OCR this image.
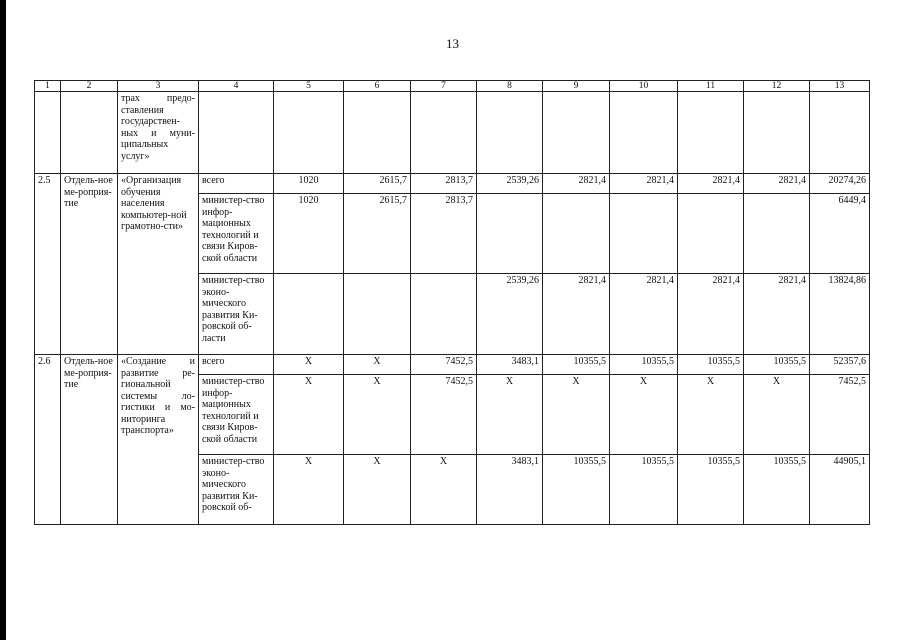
13
1	2	3	4	5	6	7	8	9	10	11	12	13
		трах предо-ставления государствен-ных и муни-ципальных услуг»										
2.5	Отдель-ное ме-роприя-тие	«Организация обучения населения компьютер-ной грамотно-сти»	всего	1020	2615,7	2813,7	2539,26	2821,4	2821,4	2821,4	2821,4	20274,26
			министер-ство инфор-мационных технологий и связи Киров-ской области	1020	2615,7	2813,7						6449,4
			министер-ство эконо-мического развития Ки-ровской об-ласти				2539,26	2821,4	2821,4	2821,4	2821,4	13824,86
2.6	Отдель-ное ме-роприя-тие	«Создание и развитие ре-гиональной системы ло-гистики и мо-ниторинга транспорта»	всего	X	X	7452,5	3483,1	10355,5	10355,5	10355,5	10355,5	52357,6
			министер-ство инфор-мационных технологий и связи Киров-ской области	X	X	7452,5	X	X	X	X	X	7452,5
			министер-ство эконо-мического развития Ки-ровской об-	X	X	X	3483,1	10355,5	10355,5	10355,5	10355,5	44905,1
